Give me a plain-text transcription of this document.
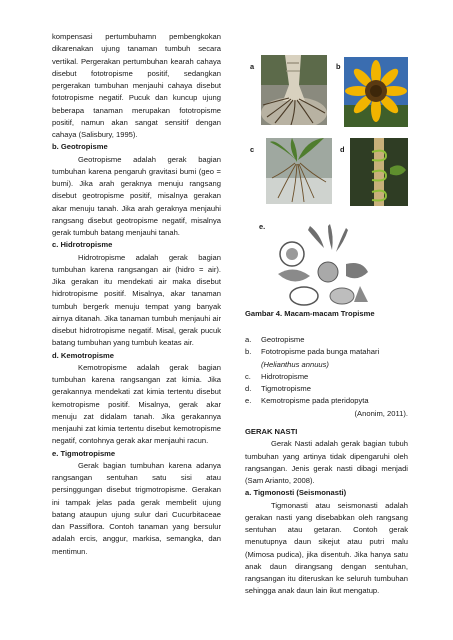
kompensasi pertumbuhamn pembengkokan dikarenakan ujung tanaman tumbuh secara vertikal. Pergerakan pertumbuhan kearah cahaya disebut fototropisme positif, sedangkan pergerakan tumbuhan menjauhi cahaya disebut fototropisme negatif. Pucuk dan kuncup ujung beberapa tanaman merupakan fototropisme positif, namun akan sangat sensitif dengan cahaya (Salisbury, 1995).

b. Geotropisme

Geotropisme adalah gerak bagian tumbuhan karena pengaruh gravitasi bumi (geo = bumi). Jika arah geraknya menuju rangsang disebut geotropisme positif, misalnya gerakan akar menuju tanah. Jika arah geraknya menjauhi rangsang disebut geotropisme negatif, misalnya gerak tumbuh batang menjauhi tanah.

c. Hidrotropisme

Hidrotropisme adalah gerak bagian tumbuhan karena rangsangan air (hidro = air). Jika gerakan itu mendekati air maka disebut hidrotropisme positif. Misalnya, akar tanaman tumbuh bergerk menuju tempat yang banyak airnya ditanah. Jika tanaman tumbuh menjauhi air disebut hidrotropisme negatif. Misal, gerak pucuk batang tumbuhan yang tumbuh keatas air.

d. Kemotropisme

Kemotropisme adalah gerak bagian tumbuhan karena rangsangan zat kimia. Jika gerakannya mendekati zat kimia tertentu disebut kemotropisme positif. Misalnya, gerak akar menuju zat didalam tanah. Jika gerakannya menjauhi zat kimia tertentu disebut kemotropisme negatif, contohnya gerak akar menjauhi racun.

e. Tigmotropisme

Gerak bagian tumbuhan karena adanya rangsangan sentuhan satu sisi atau persinggungan disebut trigmotropisme. Gerakan ini tampak jelas pada gerak membelit ujung batang ataupun ujung sulur dari Cucurbitaceae dan Passiflora. Contoh tanaman yang bersulur adalah ercis, anggur, markisa, semangka, dan mentimun.

a	b
c	d
e.

Gambar 4. Macam-macam Tropisme

a. Geotropisme
b. Fototropisme pada bunga matahari
(Helianthus annuus)
c. Hidrotropisme
d. Tigmotropisme
e. Kemotropisme pada pteridopyta

(Anonim, 2011).

GERAK NASTI

Gerak Nasti adalah gerak bagian tubuh tumbuhan yang artinya tidak dipengaruhi oleh rangsangan. Jenis gerak nasti dibagi menjadi (Sam Arianto, 2008).

a. Tigmonosti (Seismonasti)

Tigmonasti atau seismonasti adalah gerakan nasti yang disebabkan oleh rangsang sentuhan atau getaran. Contoh gerak menutupnya daun sikejut atau putri malu (Mimosa pudica), jika disentuh. Jika hanya satu anak daun dirangsang dengan sentuhan, rangsangan itu diteruskan ke seluruh tumbuhan sehingga anak daun lain ikut mengatup.
